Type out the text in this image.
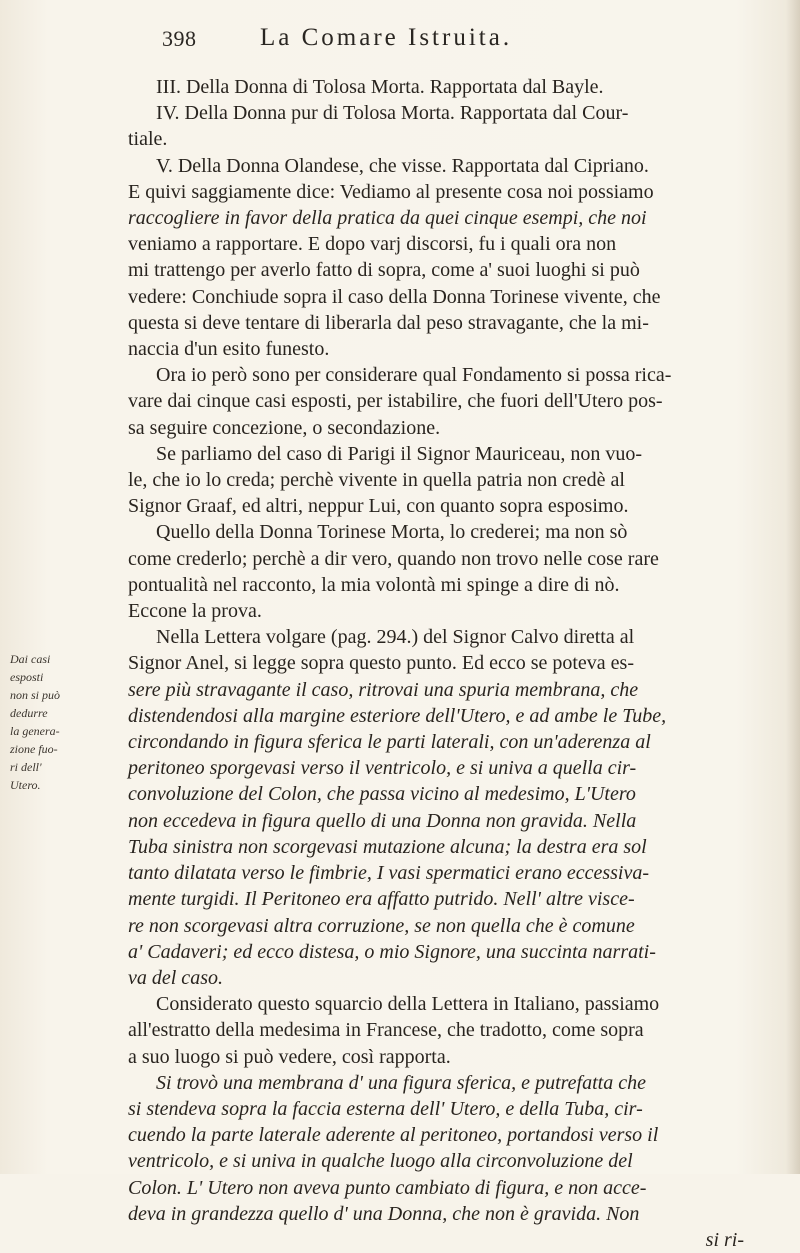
398	La Comare Istruita.
Dai casi
esposti
non si può
dedurre
la genera-
zione fuo-
ri dell'
Utero.
III. Della Donna di Tolosa Morta. Rapportata dal Bayle.
IV. Della Donna pur di Tolosa Morta. Rapportata dal Cour-
tiale.
V. Della Donna Olandese, che visse. Rapportata dal Cipriano.
E quivi saggiamente dice: Vediamo al presente cosa noi possiamo
raccogliere in favor della pratica da quei cinque esempi, che noi
veniamo a rapportare. E dopo varj discorsi, fu i quali ora non
mi trattengo per averlo fatto di sopra, come a' suoi luoghi si può
vedere: Conchiude sopra il caso della Donna Torinese vivente, che
questa si deve tentare di liberarla dal peso stravagante, che la mi-
naccia d'un esito funesto.
Ora io però sono per considerare qual Fondamento si possa rica-
vare dai cinque casi esposti, per istabilire, che fuori dell'Utero pos-
sa seguire concezione, o secondazione.
Se parliamo del caso di Parigi il Signor Mauriceau, non vuo-
le, che io lo creda; perchè vivente in quella patria non credè al
Signor Graaf, ed altri, neppur Lui, con quanto sopra esposimo.
Quello della Donna Torinese Morta, lo crederei; ma non sò
come crederlo; perchè a dir vero, quando non trovo nelle cose rare
pontualità nel racconto, la mia volontà mi spinge a dire di nò.
Eccone la prova.
Nella Lettera volgare (pag. 294.) del Signor Calvo diretta al
Signor Anel, si legge sopra questo punto. Ed ecco se poteva es-
sere più stravagante il caso, ritrovai una spuria membrana, che
distendendosi alla margine esteriore dell'Utero, e ad ambe le Tube,
circondando in figura sferica le parti laterali, con un'aderenza al
peritoneo sporgevasi verso il ventricolo, e si univa a quella cir-
convoluzione del Colon, che passa vicino al medesimo, L'Utero
non eccedeva in figura quello di una Donna non gravida. Nella
Tuba sinistra non scorgevasi mutazione alcuna; la destra era sol
tanto dilatata verso le fimbrie, I vasi spermatici erano eccessiva-
mente turgidi. Il Peritoneo era affatto putrido. Nell' altre visce-
re non scorgevasi altra corruzione, se non quella che è comune
a' Cadaveri; ed ecco distesa, o mio Signore, una succinta narrati-
va del caso.
Considerato questo squarcio della Lettera in Italiano, passiamo
all'estratto della medesima in Francese, che tradotto, come sopra
a suo luogo si può vedere, così rapporta.
Si trovò una membrana d' una figura sferica, e putrefatta che
si stendeva sopra la faccia esterna dell' Utero, e della Tuba, cir-
cuendo la parte laterale aderente al peritoneo, portandosi verso il
ventricolo, e si univa in qualche luogo alla circonvoluzione del
Colon. L' Utero non aveva punto cambiato di figura, e non acce-
deva in grandezza quello d' una Donna, che non è gravida. Non
si ri-
